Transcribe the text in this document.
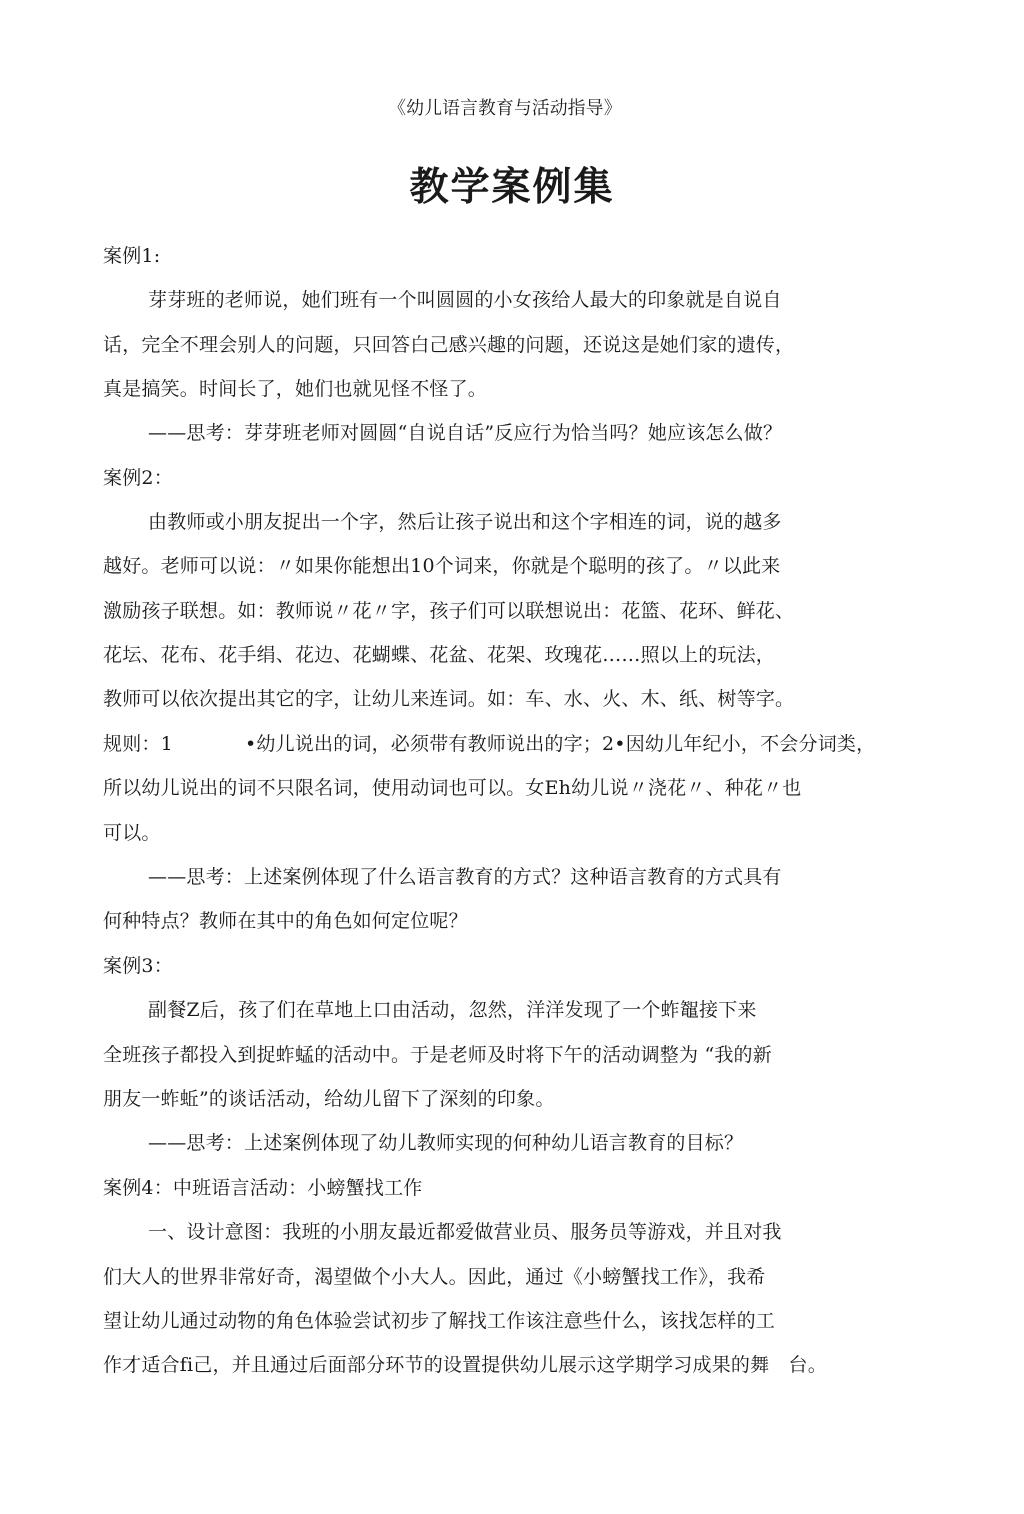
《幼儿语言教育与活动指导》
教学案例集
案例1:
芽芽班的老师说，她们班有一个叫圆圆的小女孩给人最大的印象就是自说自
话，完全不理会别人的问题，只回答白己感兴趣的问题，还说这是她们家的遗传，
真是搞笑。时间长了，她们也就见怪不怪了。
——思考：芽芽班老师对圆圆“自说自话”反应行为恰当吗？她应该怎么做？
案例2：
由教师或小朋友捉出一个字，然后让孩子说出和这个字相连的词，说的越多
越好。老师可以说：〃如果你能想出10个词来，你就是个聪明的孩了。〃以此来
激励孩子联想。如：教师说〃花〃字，孩子们可以联想说出：花篮、花环、鲜花、
花坛、花布、花手绢、花边、花蝴蝶、花盆、花架、玫瑰花……照以上的玩法，
教师可以依次提出其它的字，让幼儿来连词。如：车、水、火、木、纸、树等字。
规则：1	•幼儿说出的词，必须带有教师说出的字；2•因幼儿年纪小，不会分词类，
所以幼儿说出的词不只限名词，使用动词也可以。女Eh幼儿说〃浇花〃、种花〃也
可以。
——思考：上述案例体现了什么语言教育的方式？这种语言教育的方式具有
何种特点？教师在其中的角色如何定位呢？
案例3：
副餐Z后，孩了们在草地上口由活动，忽然，洋洋发现了一个蚱鼅接下来
全班孩子都投入到捉蚱蜢的活动中。于是老师及时将下午的活动调整为 “我的新
朋友一蚱蚯”的谈话活动，给幼儿留下了深刻的印象。
——思考：上述案例体现了幼儿教师实现的何种幼儿语言教育的目标？
案例4：中班语言活动：小螃蟹找工作
一、设计意图：我班的小朋友最近都爱做营业员、服务员等游戏，并且对我
们大人的世界非常好奇，渴望做个小大人。因此，通过《小螃蟹找工作》，我希
望让幼儿通过动物的角色体验尝试初步了解找工作该注意些什么，该找怎样的工
作才适合fi己，并且通过后面部分环节的设置提供幼儿展示这学期学习成果的舞　台。
